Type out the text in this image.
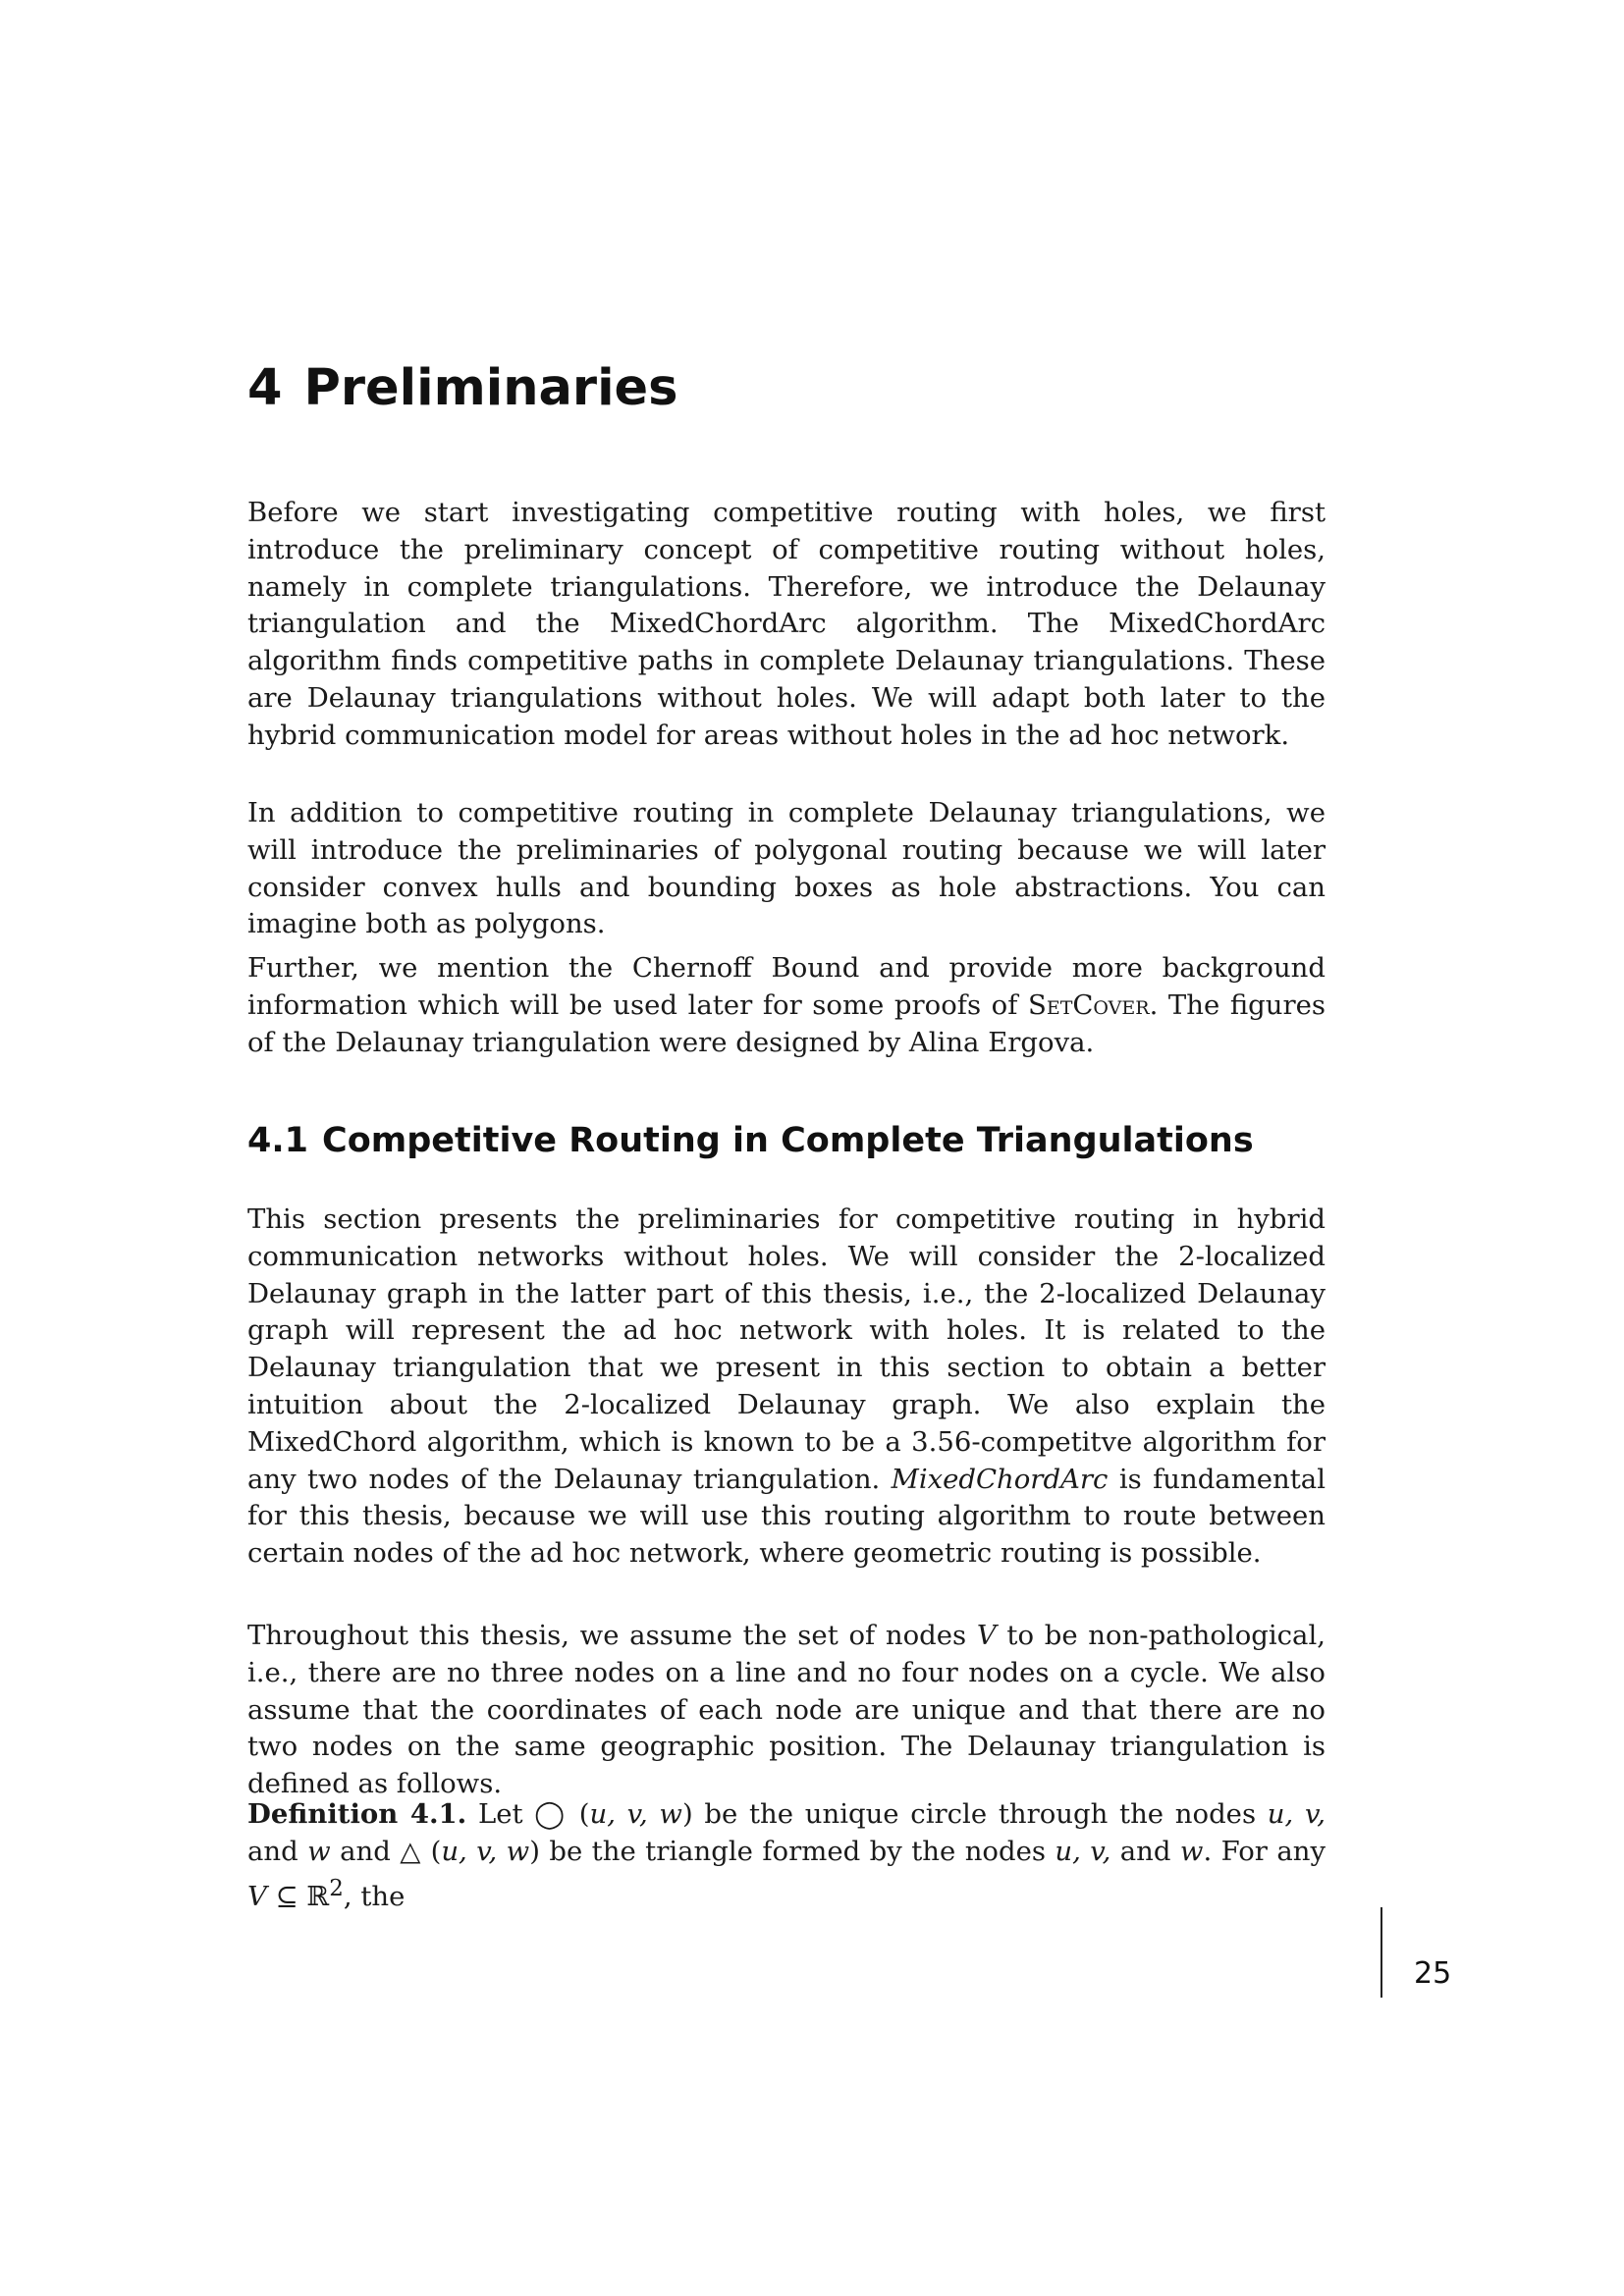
4 Preliminaries

Before we start investigating competitive routing with holes, we first introduce the preliminary concept of competitive routing without holes, namely in complete triangulations. Therefore, we introduce the Delaunay triangulation and the MixedChordArc algorithm. The MixedChordArc algorithm finds competitive paths in complete Delaunay triangulations. These are Delaunay triangulations without holes. We will adapt both later to the hybrid communication model for areas without holes in the ad hoc network.

In addition to competitive routing in complete Delaunay triangulations, we will introduce the preliminaries of polygonal routing because we will later consider convex hulls and bounding boxes as hole abstractions. You can imagine both as polygons.

Further, we mention the Chernoff Bound and provide more background information which will be used later for some proofs of SetCover. The figures of the Delaunay triangulation were designed by Alina Ergova.

4.1 Competitive Routing in Complete Triangulations

This section presents the preliminaries for competitive routing in hybrid communication networks without holes. We will consider the 2-localized Delaunay graph in the latter part of this thesis, i.e., the 2-localized Delaunay graph will represent the ad hoc network with holes. It is related to the Delaunay triangulation that we present in this section to obtain a better intuition about the 2-localized Delaunay graph. We also explain the MixedChord algorithm, which is known to be a 3.56-competitve algorithm for any two nodes of the Delaunay triangulation. MixedChordArc is fundamental for this thesis, because we will use this routing algorithm to route between certain nodes of the ad hoc network, where geometric routing is possible.

Throughout this thesis, we assume the set of nodes V to be non-pathological, i.e., there are no three nodes on a line and no four nodes on a cycle. We also assume that the coordinates of each node are unique and that there are no two nodes on the same geographic position. The Delaunay triangulation is defined as follows.

Definition 4.1. Let ◯ (u, v, w) be the unique circle through the nodes u, v, and w and △ (u, v, w) be the triangle formed by the nodes u, v, and w. For any V ⊆ ℝ$^2$, the

25
